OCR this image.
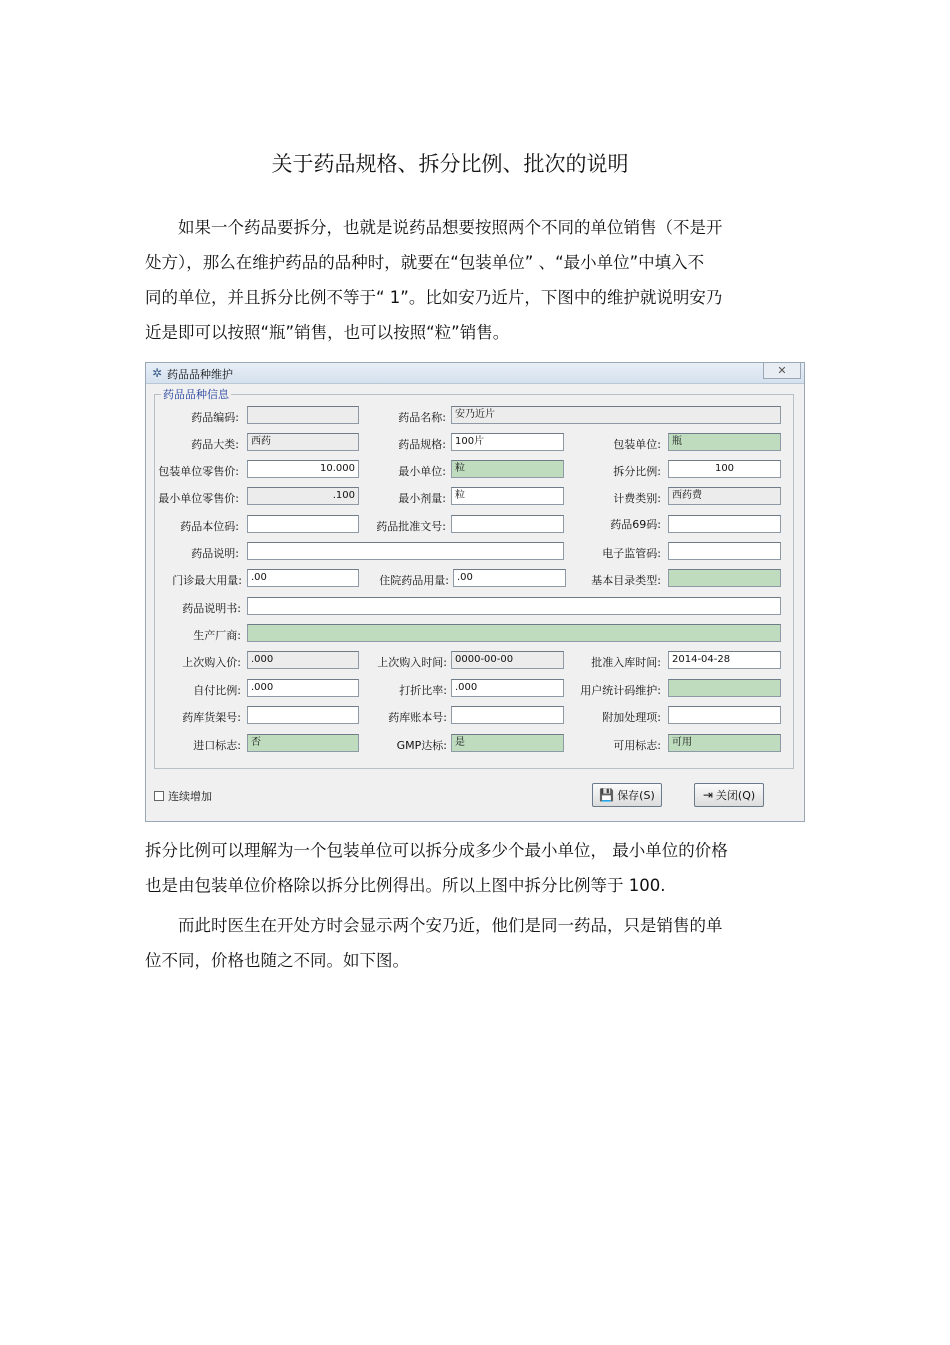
关于药品规格、拆分比例、批次的说明
如果一个药品要拆分，也就是说药品想要按照两个不同的单位销售（不是开
处方），那么在维护药品的品种时，就要在“包装单位” 、“最小单位”中填入不
同的单位，并且拆分比例不等于“ 1”。比如安乃近片，下图中的维护就说明安乃
近是即可以按照“瓶”销售，也可以按照“粒”销售。
✲ 药品品种维护	✕
药品品种信息
药品编码:	药品名称: 安乃近片
药品大类:	西药	药品规格: 100片	包装单位:	瓶
包装单位零售价:	10.000	最小单位: 粒	拆分比例:	100
最小单位零售价:	.100	最小剂量: 粒	计费类别:	西药费
药品本位码:	药品批准文号:	药品69码:
药品说明:	电子监管码:
门诊最大用量: .00	住院药品用量: .00	基本目录类型:
药品说明书:
生产厂商:
上次购入价:	.000	上次购入时间: 0000-00-00	批准入库时间:	2014-04-28
自付比例:	.000	打折比率: .000	用户统计码维护:
药库货架号:	药库账本号:	附加处理项:
进口标志:	否	GMP达标: 是	可用标志:	可用
连续增加	💾 保存(S)	⇥ 关闭(Q)
拆分比例可以理解为一个包装单位可以拆分成多少个最小单位， 最小单位的价格
也是由包装单位价格除以拆分比例得出。所以上图中拆分比例等于 100.
而此时医生在开处方时会显示两个安乃近，他们是同一药品，只是销售的单
位不同，价格也随之不同。如下图。
